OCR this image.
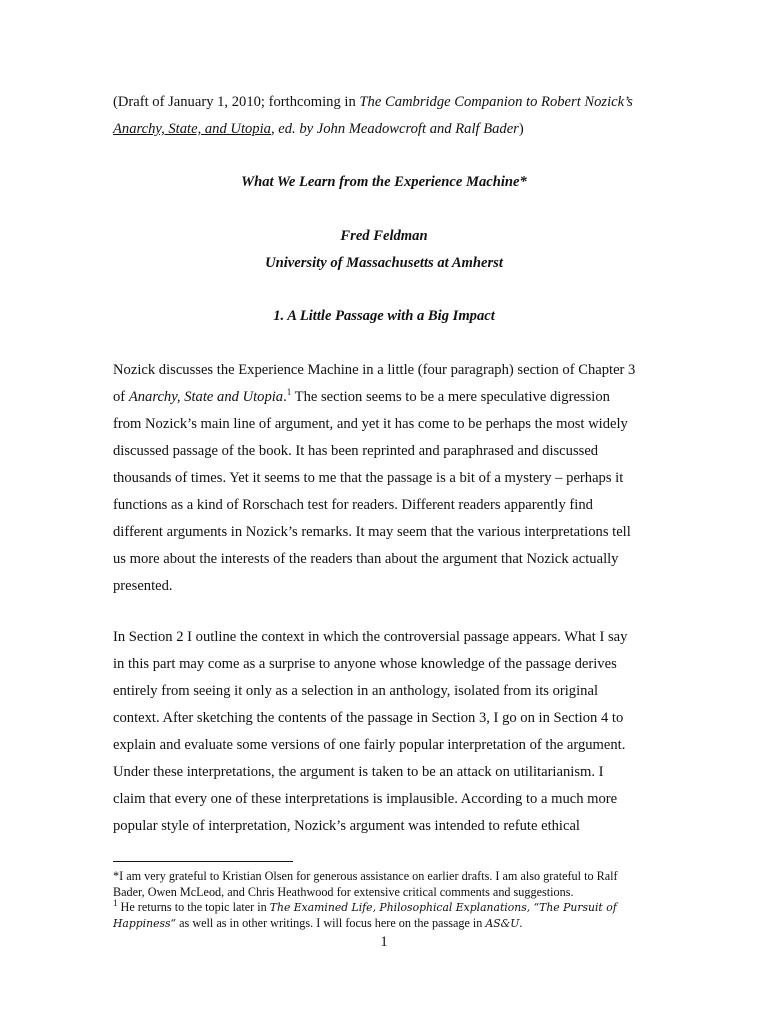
(Draft of January 1, 2010; forthcoming in The Cambridge Companion to Robert Nozick’s
Anarchy, State, and Utopia, ed. by John Meadowcroft and Ralf Bader)
What We Learn from the Experience Machine*
Fred Feldman
University of Massachusetts at Amherst
1. A Little Passage with a Big Impact
Nozick discusses the Experience Machine in a little (four paragraph) section of Chapter 3
of Anarchy, State and Utopia.$^1$ The section seems to be a mere speculative digression
from Nozick’s main line of argument, and yet it has come to be perhaps the most widely
discussed passage of the book. It has been reprinted and paraphrased and discussed
thousands of times. Yet it seems to me that the passage is a bit of a mystery – perhaps it
functions as a kind of Rorschach test for readers. Different readers apparently find
different arguments in Nozick’s remarks. It may seem that the various interpretations tell
us more about the interests of the readers than about the argument that Nozick actually
presented.
In Section 2 I outline the context in which the controversial passage appears. What I say
in this part may come as a surprise to anyone whose knowledge of the passage derives
entirely from seeing it only as a selection in an anthology, isolated from its original
context. After sketching the contents of the passage in Section 3, I go on in Section 4 to
explain and evaluate some versions of one fairly popular interpretation of the argument.
Under these interpretations, the argument is taken to be an attack on utilitarianism. I
claim that every one of these interpretations is implausible. According to a much more
popular style of interpretation, Nozick’s argument was intended to refute ethical
*I am very grateful to Kristian Olsen for generous assistance on earlier drafts. I am also grateful to Ralf
Bader, Owen McLeod, and Chris Heathwood for extensive critical comments and suggestions.
$^1$ He returns to the topic later in The Examined Life, Philosophical Explanations, “The Pursuit of
Happiness“ as well as in other writings. I will focus here on the passage in AS&U.
1
